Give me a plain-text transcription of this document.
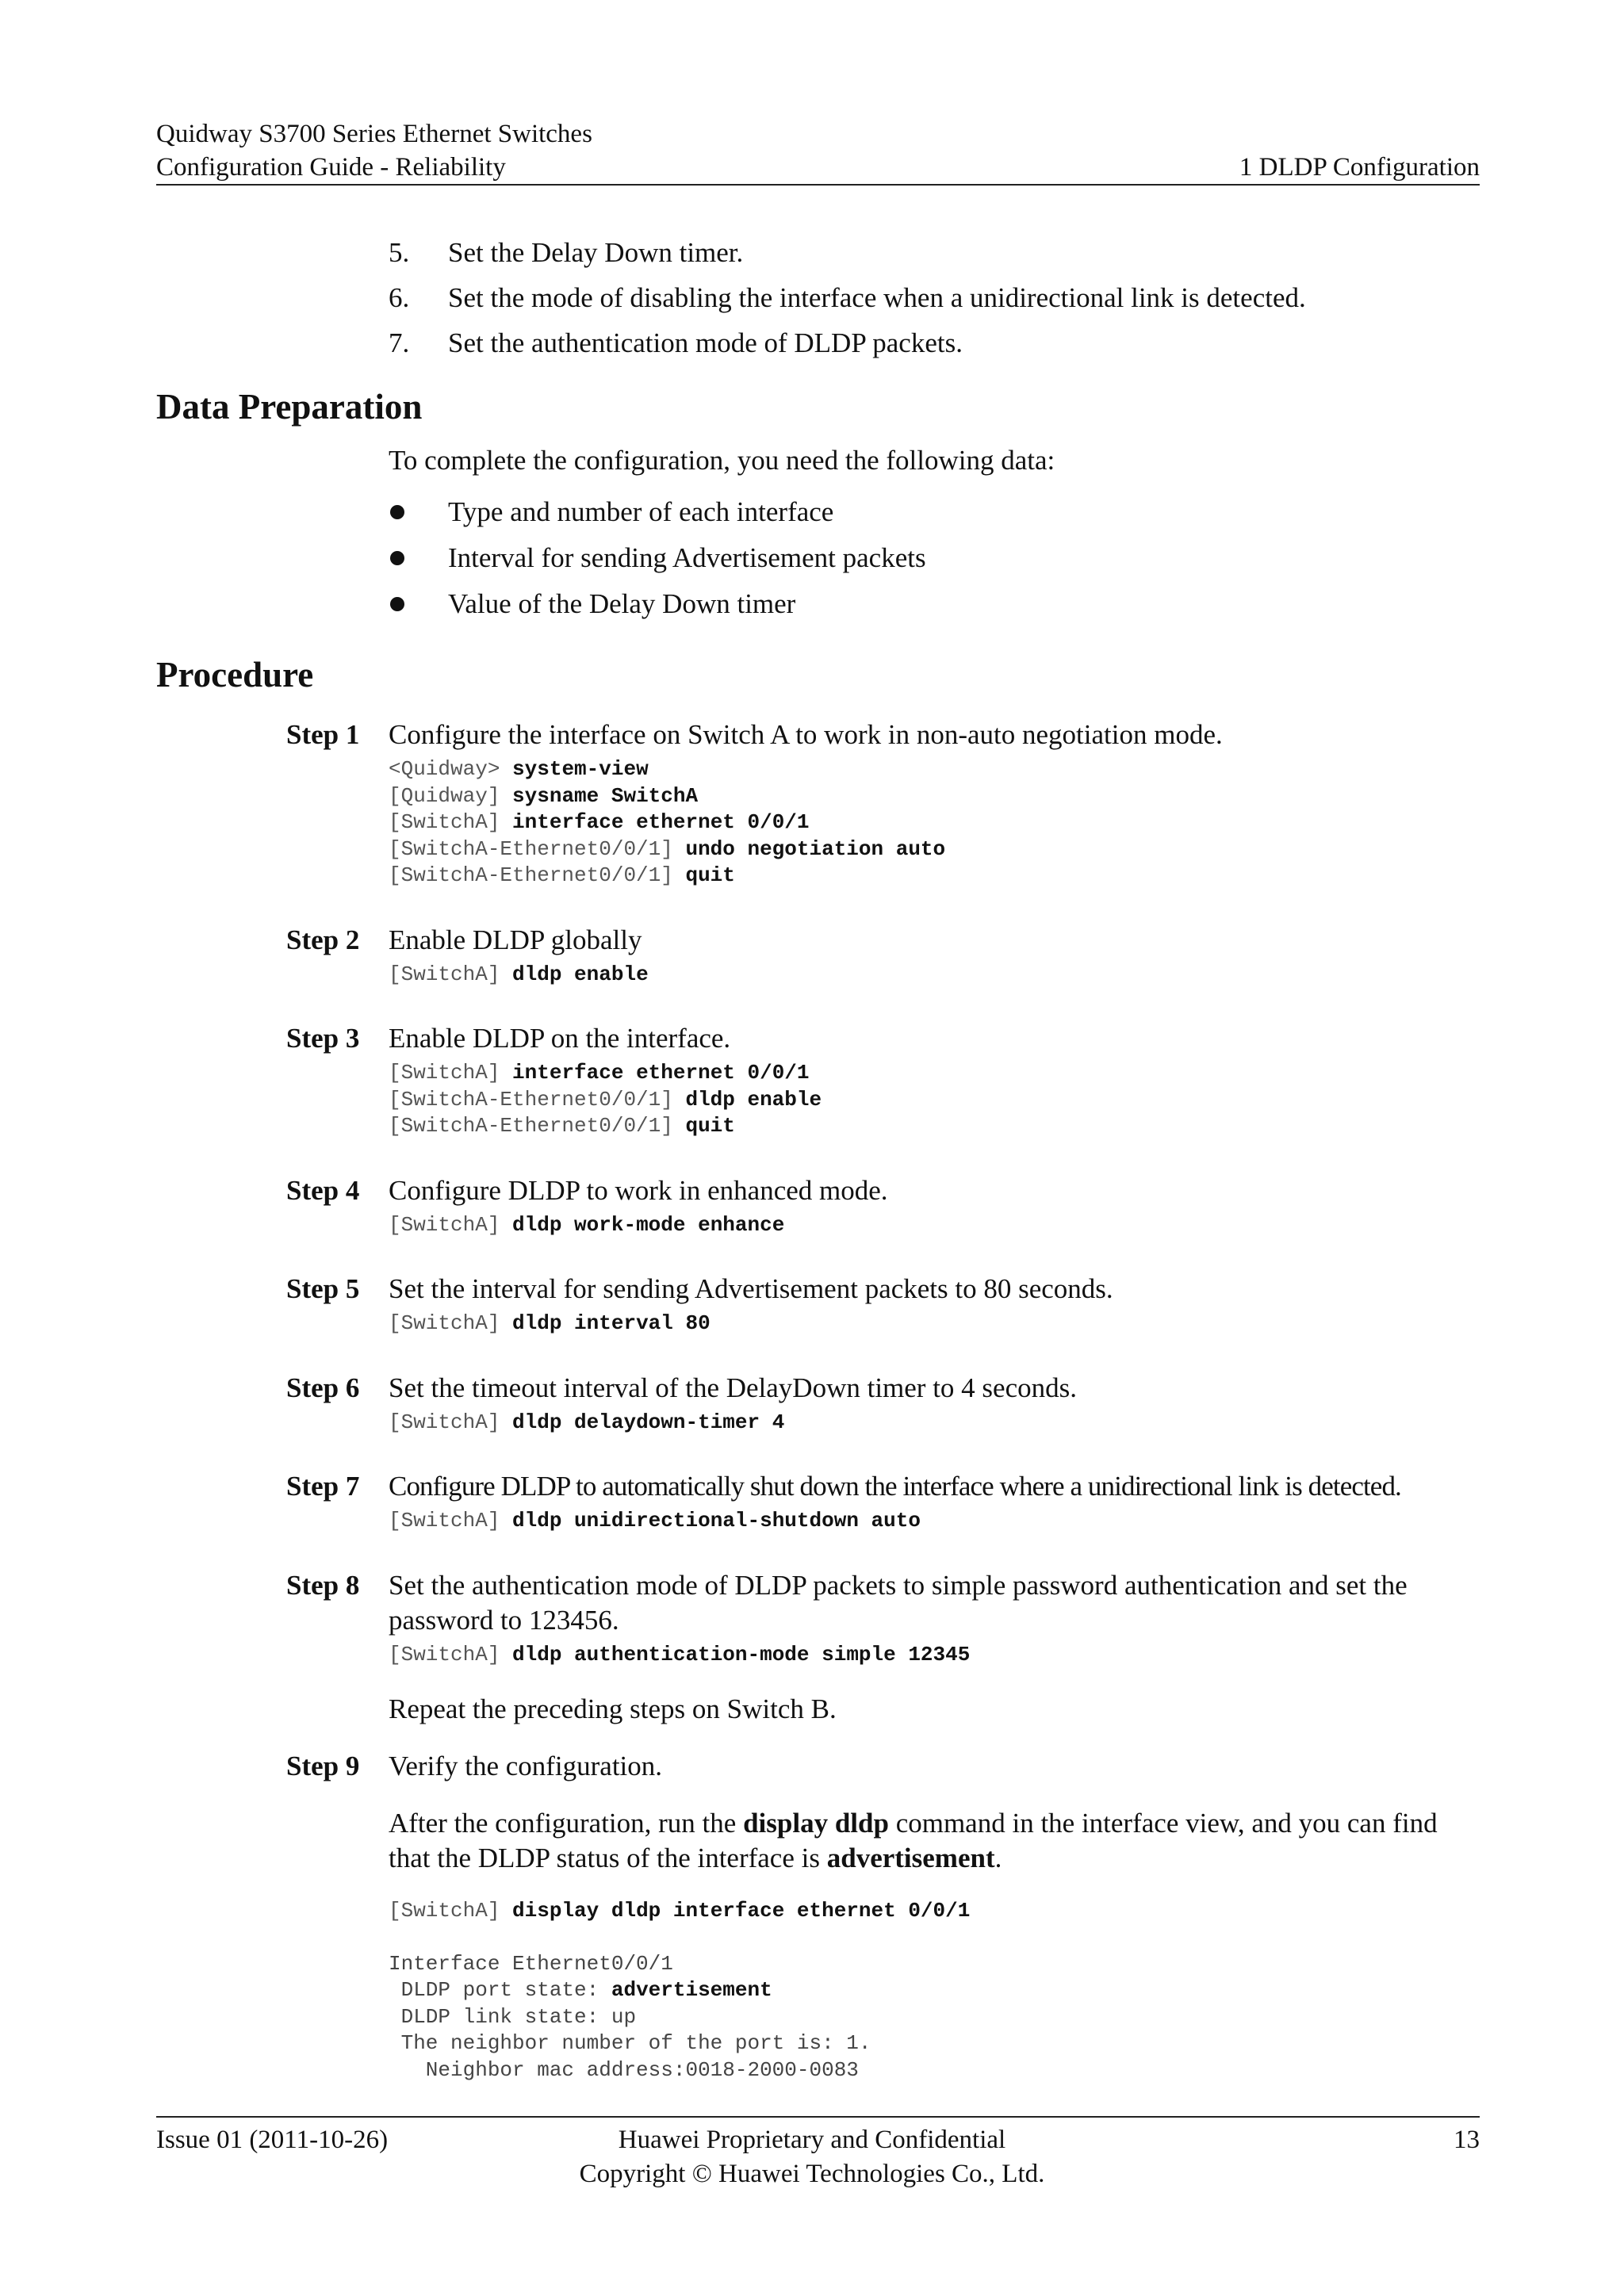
Quidway S3700 Series Ethernet Switches
Configuration Guide - Reliability	1 DLDP Configuration
5. Set the Delay Down timer.
6. Set the mode of disabling the interface when a unidirectional link is detected.
7. Set the authentication mode of DLDP packets.
Data Preparation
To complete the configuration, you need the following data:
Type and number of each interface
Interval for sending Advertisement packets
Value of the Delay Down timer
Procedure
Step 1	Configure the interface on Switch A to work in non-auto negotiation mode.
<Quidway> system-view
[Quidway] sysname SwitchA
[SwitchA] interface ethernet 0/0/1
[SwitchA-Ethernet0/0/1] undo negotiation auto
[SwitchA-Ethernet0/0/1] quit
Step 2	Enable DLDP globally
[SwitchA] dldp enable
Step 3	Enable DLDP on the interface.
[SwitchA] interface ethernet 0/0/1
[SwitchA-Ethernet0/0/1] dldp enable
[SwitchA-Ethernet0/0/1] quit
Step 4	Configure DLDP to work in enhanced mode.
[SwitchA] dldp work-mode enhance
Step 5	Set the interval for sending Advertisement packets to 80 seconds.
[SwitchA] dldp interval 80
Step 6	Set the timeout interval of the DelayDown timer to 4 seconds.
[SwitchA] dldp delaydown-timer 4
Step 7	Configure DLDP to automatically shut down the interface where a unidirectional link is detected.
[SwitchA] dldp unidirectional-shutdown auto
Step 8	Set the authentication mode of DLDP packets to simple password authentication and set the password to 123456.
[SwitchA] dldp authentication-mode simple 12345
Repeat the preceding steps on Switch B.
Step 9	Verify the configuration.
After the configuration, run the display dldp command in the interface view, and you can find that the DLDP status of the interface is advertisement.
[SwitchA] display dldp interface ethernet 0/0/1
Interface Ethernet0/0/1
DLDP port state: advertisement
DLDP link state: up
The neighbor number of the port is: 1.
Neighbor mac address:0018-2000-0083
Issue 01 (2011-10-26)	Huawei Proprietary and Confidential
Copyright © Huawei Technologies Co., Ltd.
13
